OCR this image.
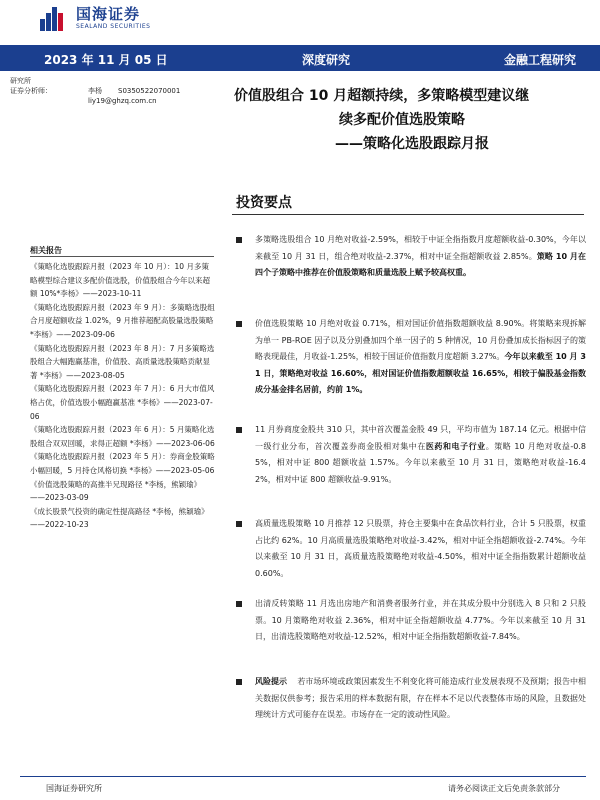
国海证券
SEALAND SECURITIES
2023 年 11 月 05 日	深度研究	金融工程研究
研究所
证券分析师：	李杨	S0350522070001
liy19@ghzq.com.cn	价值股组合 10 月超额持续，多策略模型建议继
续多配价值选股策略
——策略化选股跟踪月报
投资要点
相关报告
《策略化选股跟踪月报（2023 年 10 月）：10 月多策略模型综合建议多配价值选股，价值股组合今年以来超额 10%*李杨》——2023-10-11
《策略化选股跟踪月报（2023 年 9 月）：多策略选股组合月度超额收益 1.02%，9 月推荐超配高股量选股策略*李杨》——2023-09-06
《策略化选股跟踪月报（2023 年 8 月）：7 月多策略选股组合大幅跑赢基准，价值股、高质量选股策略贡献显著 *李杨》——2023-08-05
《策略化选股跟踪月报（2023 年 7 月）：6 月大市值风格占优，价值选股小幅跑赢基准 *李杨》——2023-07-06
《策略化选股跟踪月报（2023 年 6 月）：5 月策略化选股组合双双回暖，求得正超额 *李杨》——2023-06-06
《策略化选股跟踪月报（2023 年 5 月）：券商金股策略小幅回暖，5 月持仓风格切换 *李杨》——2023-05-06
《价值选股策略的高推半兄现路径 *李杨，熊颖瑜》——2023-03-09
《成长股景气投资的确定性提高路径 *李杨，熊颖瑜》——2022-10-23
多策略选股组合 10 月绝对收益-2.59%，相较于中证全指指数月度超额收益-0.30%，今年以来截至 10 月 31 日，组合绝对收益-2.37%，相对中证全指超额收益 2.85%。策略 10 月在四个子策略中推荐在价值股策略和质量选股上赋予较高权重。
价值选股策略 10 月绝对收益 0.71%，相对国证价值指数超额收益 8.90%。将策略来现拆解为单一 PB-ROE 因子以及分别叠加四个单一因子的 5 种情况，10 月份叠加成长指标因子的策略表现最佳，月收益-1.25%，相较于国证价值指数月度超额 3.27%。今年以来截至 10 月 31 日，策略绝对收益 16.60%，相对国证价值指数超额收益 16.65%，相较于偏股基金指数成分基金排名居前，约前 1%。
11 月券商度金股共 310 只，其中首次覆盖金股 49 只，平均市值为 187.14 亿元。根据中信一级行业分布，首次覆盖券商金股相对集中在医药和电子行业。策略 10 月绝对收益-0.85%，相对中证 800 超额收益 1.57%。今年以来截至 10 月 31 日，策略绝对收益-16.42%，相对中证 800 超额收益-9.91%。
高质量选股策略 10 月推荐 12 只股票，持仓主要集中在食品饮料行业，合计 5 只股票，权重占比约 62%。10 月高质量选股策略绝对收益-3.42%，相对中证全指超额收益-2.74%。今年以来截至 10 月 31 日，高质量选股策略绝对收益-4.50%，相对中证全指指数累计超额收益 0.60%。
出清反转策略 11 月选出房地产和消费者服务行业，并在其成分股中分别选入 8 只和 2 只股票。10 月策略绝对收益 2.36%，相对中证全指超额收益 4.77%。今年以来截至 10 月 31 日，出清选股策略绝对收益-12.52%，相对中证全指指数超额收益-7.84%。
风险提示    若市场环境或政策因素发生不利变化将可能造成行业发展表现不及预期；报告中相关数据仅供参考；报告采用的样本数据有限，存在样本不足以代表整体市场的风险，且数据处理统计方式可能存在误差。市场存在一定的波动性风险。
国海证券研究所	请务必阅读正文后免责条款部分
